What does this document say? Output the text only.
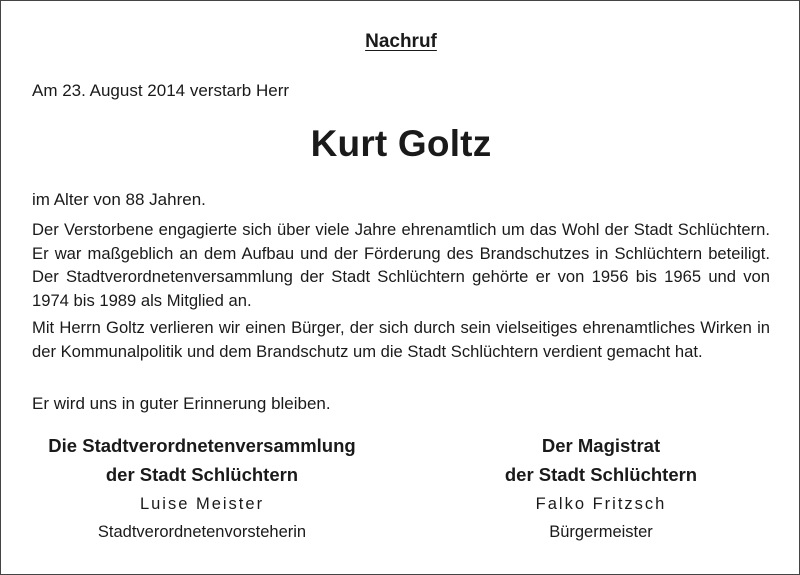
Nachruf
Am 23. August 2014 verstarb Herr
Kurt Goltz
im Alter von 88 Jahren.

Der Verstorbene engagierte sich über viele Jahre ehrenamtlich um das Wohl der Stadt Schlüchtern. Er war maßgeblich an dem Aufbau und der Förderung des Brandschutzes in Schlüchtern beteiligt. Der Stadtverordnetenversammlung der Stadt Schlüchtern gehörte er von 1956 bis 1965 und von 1974 bis 1989 als Mitglied an.

Mit Herrn Goltz verlieren wir einen Bürger, der sich durch sein vielseitiges ehrenamtliches Wirken in der Kommunalpolitik und dem Brandschutz um die Stadt Schlüchtern verdient gemacht hat.

Er wird uns in guter Erinnerung bleiben.
Die Stadtverordnetenversammlung
der Stadt Schlüchtern
Luise Meister
Stadtverordnetenvorsteherin
Der Magistrat
der Stadt Schlüchtern
Falko Fritzsch
Bürgermeister
